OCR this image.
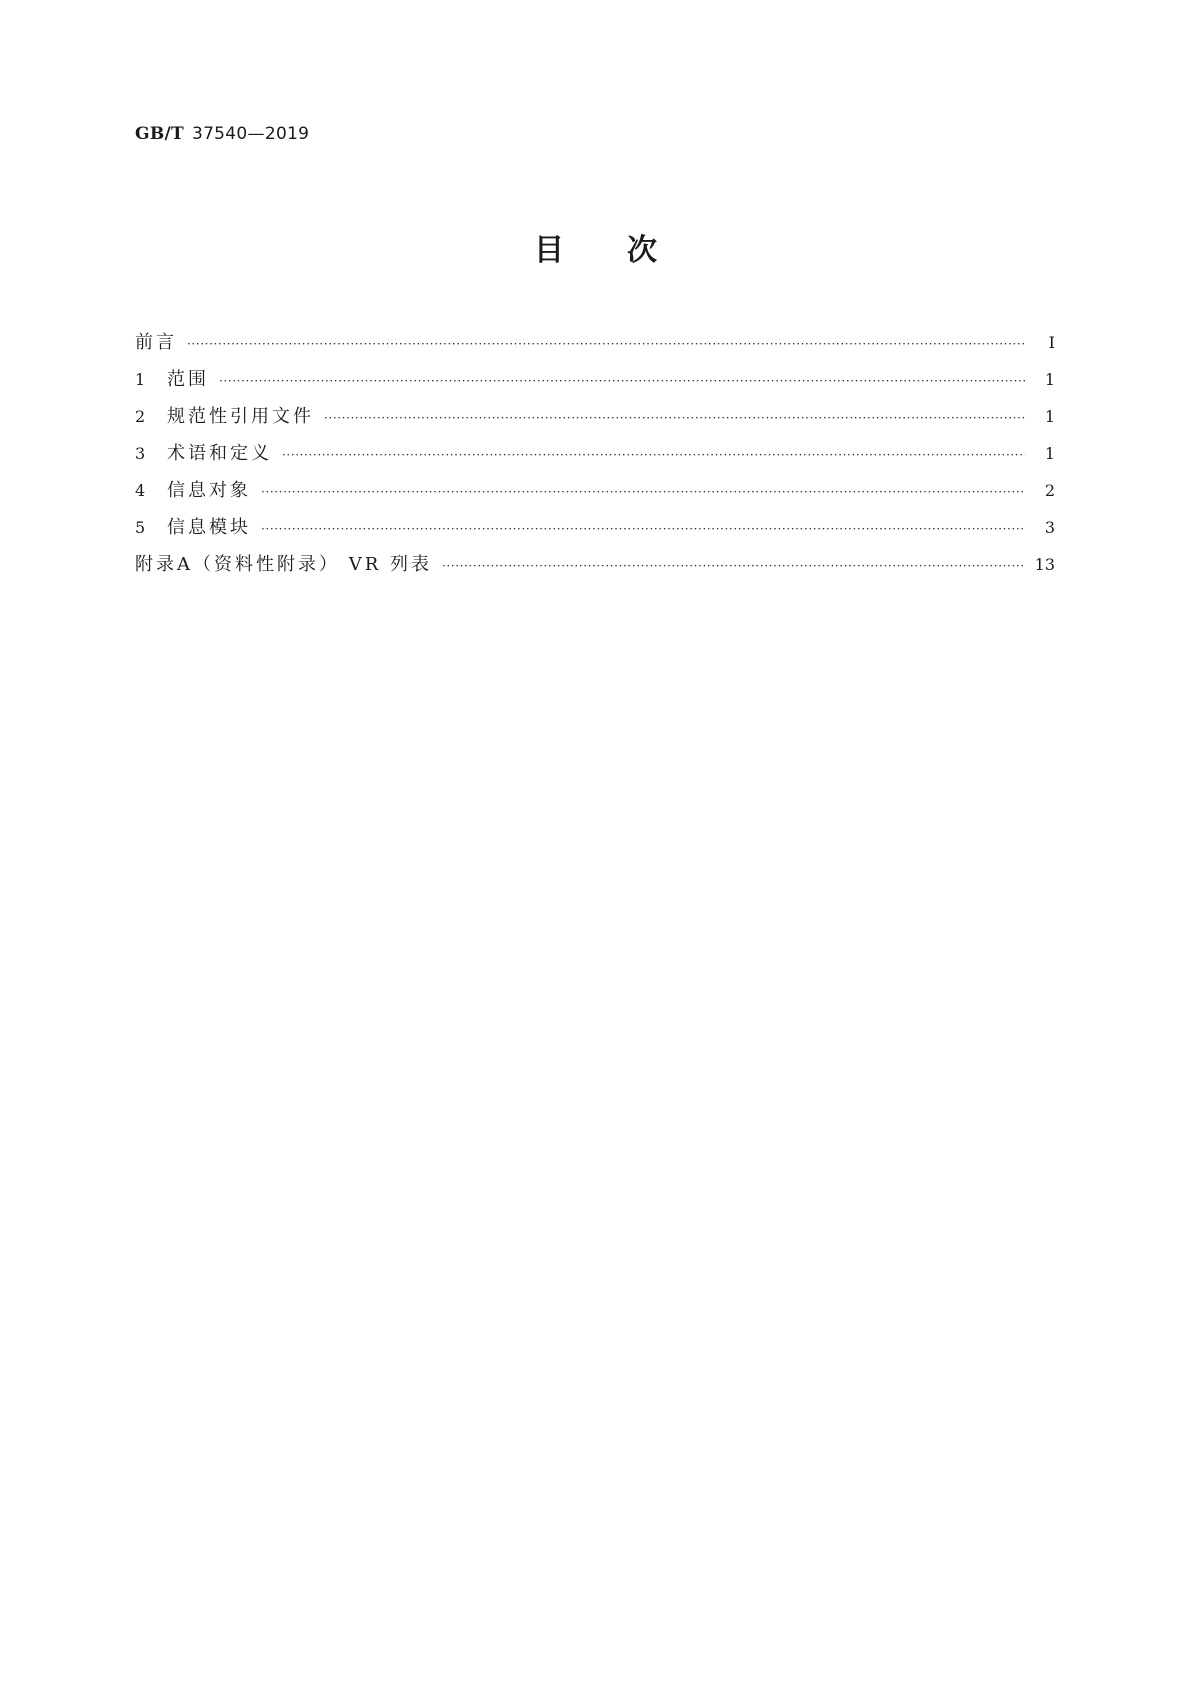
GB/T 37540—2019
目 次
前言 ·····	Ⅰ
1	范围 ·····	1
2	规范性引用文件 ·····	1
3	术语和定义 ·····	1
4	信息对象 ·····	2
5	信息模块 ·····	3
附录A（资料性附录） VR 列表 ·····	13
